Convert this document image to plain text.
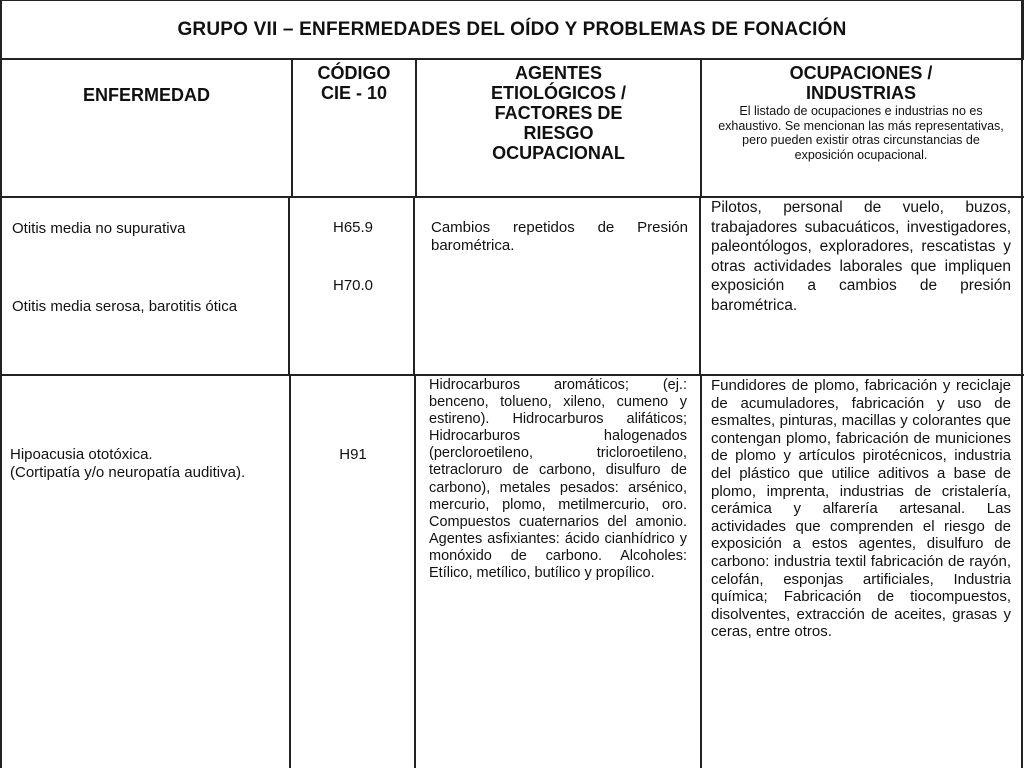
GRUPO VII – ENFERMEDADES DEL OÍDO Y PROBLEMAS DE FONACIÓN
ENFERMEDAD
CÓDIGO
CIE - 10
AGENTES
ETIOLÓGICOS /
FACTORES DE
RIESGO
OCUPACIONAL
OCUPACIONES /
INDUSTRIAS
El listado de ocupaciones e industrias no es exhaustivo. Se mencionan las más representativas, pero pueden existir otras circunstancias de exposición ocupacional.
Otitis media no supurativa
Otitis media serosa, barotitis ótica
H65.9
H70.0
Cambios repetidos de Presión barométrica.
Pilotos, personal de vuelo, buzos, trabajadores subacuáticos, investigadores, paleontólogos, exploradores, rescatistas y otras actividades laborales que impliquen exposición a cambios de presión barométrica.
Hipoacusia ototóxica.
(Cortipatía y/o neuropatía auditiva).
H91
Hidrocarburos aromáticos; (ej.: benceno, tolueno, xileno, cumeno y estireno). Hidrocarburos alifáticos; Hidrocarburos halogenados (percloroetileno, tricloroetileno, tetracloruro de carbono, disulfuro de carbono), metales pesados: arsénico, mercurio, plomo, metilmercurio, oro. Compuestos cuaternarios del amonio. Agentes asfixiantes: ácido cianhídrico y monóxido de carbono. Alcoholes: Etílico, metílico, butílico y propílico.
Fundidores de plomo, fabricación y reciclaje de acumuladores, fabricación y uso de esmaltes, pinturas, macillas y colorantes que contengan plomo, fabricación de municiones de plomo y artículos pirotécnicos, industria del plástico que utilice aditivos a base de plomo, imprenta, industrias de cristalería, cerámica y alfarería artesanal. Las actividades que comprenden el riesgo de exposición a estos agentes, disulfuro de carbono: industria textil fabricación de rayón, celofán, esponjas artificiales, Industria química; Fabricación de tiocompuestos, disolventes, extracción de aceites, grasas y ceras, entre otros.
